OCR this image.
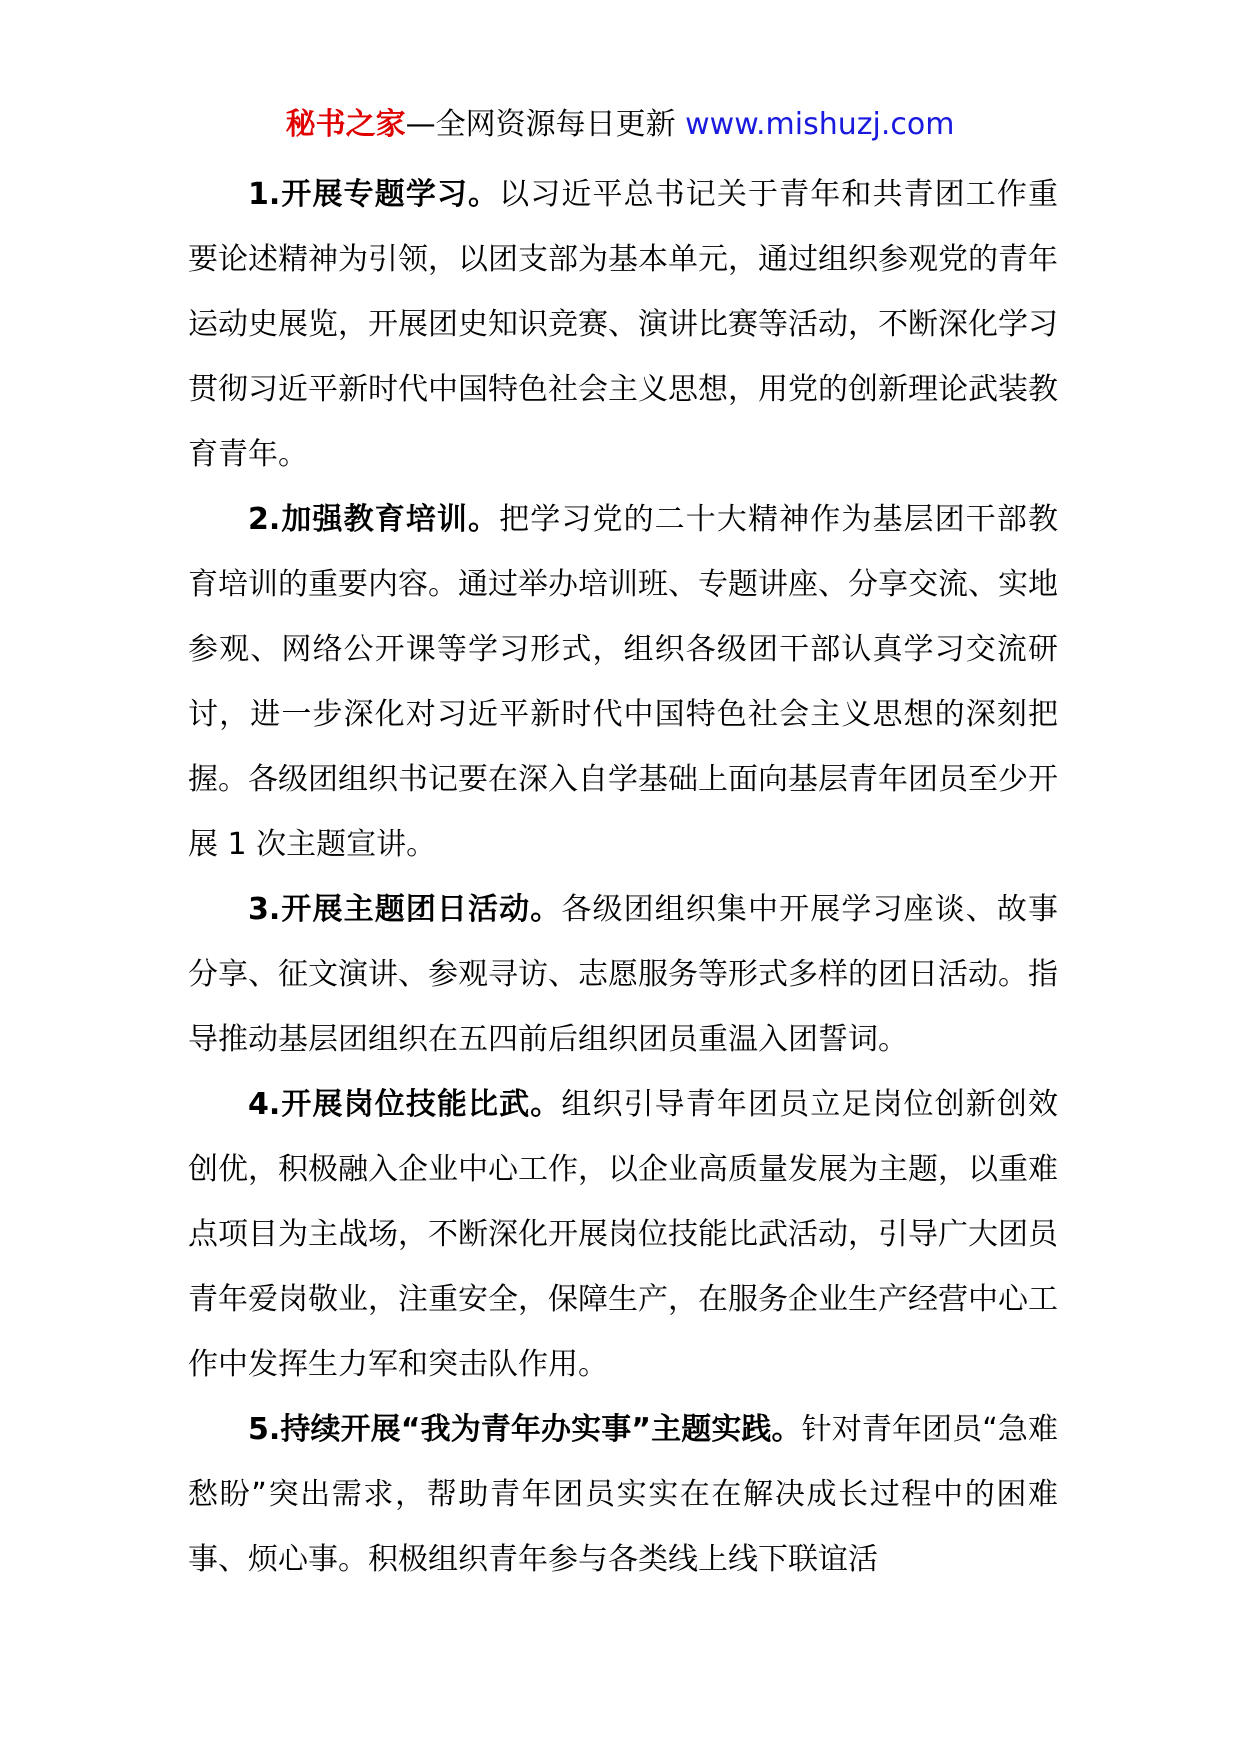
秘书之家—全网资源每日更新 www.mishuzj.com

1.开展专题学习。以习近平总书记关于青年和共青团工作重要论述精神为引领，以团支部为基本单元，通过组织参观党的青年运动史展览，开展团史知识竞赛、演讲比赛等活动，不断深化学习贯彻习近平新时代中国特色社会主义思想，用党的创新理论武装教育青年。

2.加强教育培训。把学习党的二十大精神作为基层团干部教育培训的重要内容。通过举办培训班、专题讲座、分享交流、实地参观、网络公开课等学习形式，组织各级团干部认真学习交流研讨，进一步深化对习近平新时代中国特色社会主义思想的深刻把握。各级团组织书记要在深入自学基础上面向基层青年团员至少开展 1 次主题宣讲。

3.开展主题团日活动。各级团组织集中开展学习座谈、故事分享、征文演讲、参观寻访、志愿服务等形式多样的团日活动。指导推动基层团组织在五四前后组织团员重温入团誓词。

4.开展岗位技能比武。组织引导青年团员立足岗位创新创效创优，积极融入企业中心工作，以企业高质量发展为主题，以重难点项目为主战场，不断深化开展岗位技能比武活动，引导广大团员青年爱岗敬业，注重安全，保障生产，在服务企业生产经营中心工作中发挥生力军和突击队作用。

5.持续开展“我为青年办实事”主题实践。针对青年团员“急难愁盼”突出需求，帮助青年团员实实在在解决成长过程中的困难事、烦心事。积极组织青年参与各类线上线下联谊活
